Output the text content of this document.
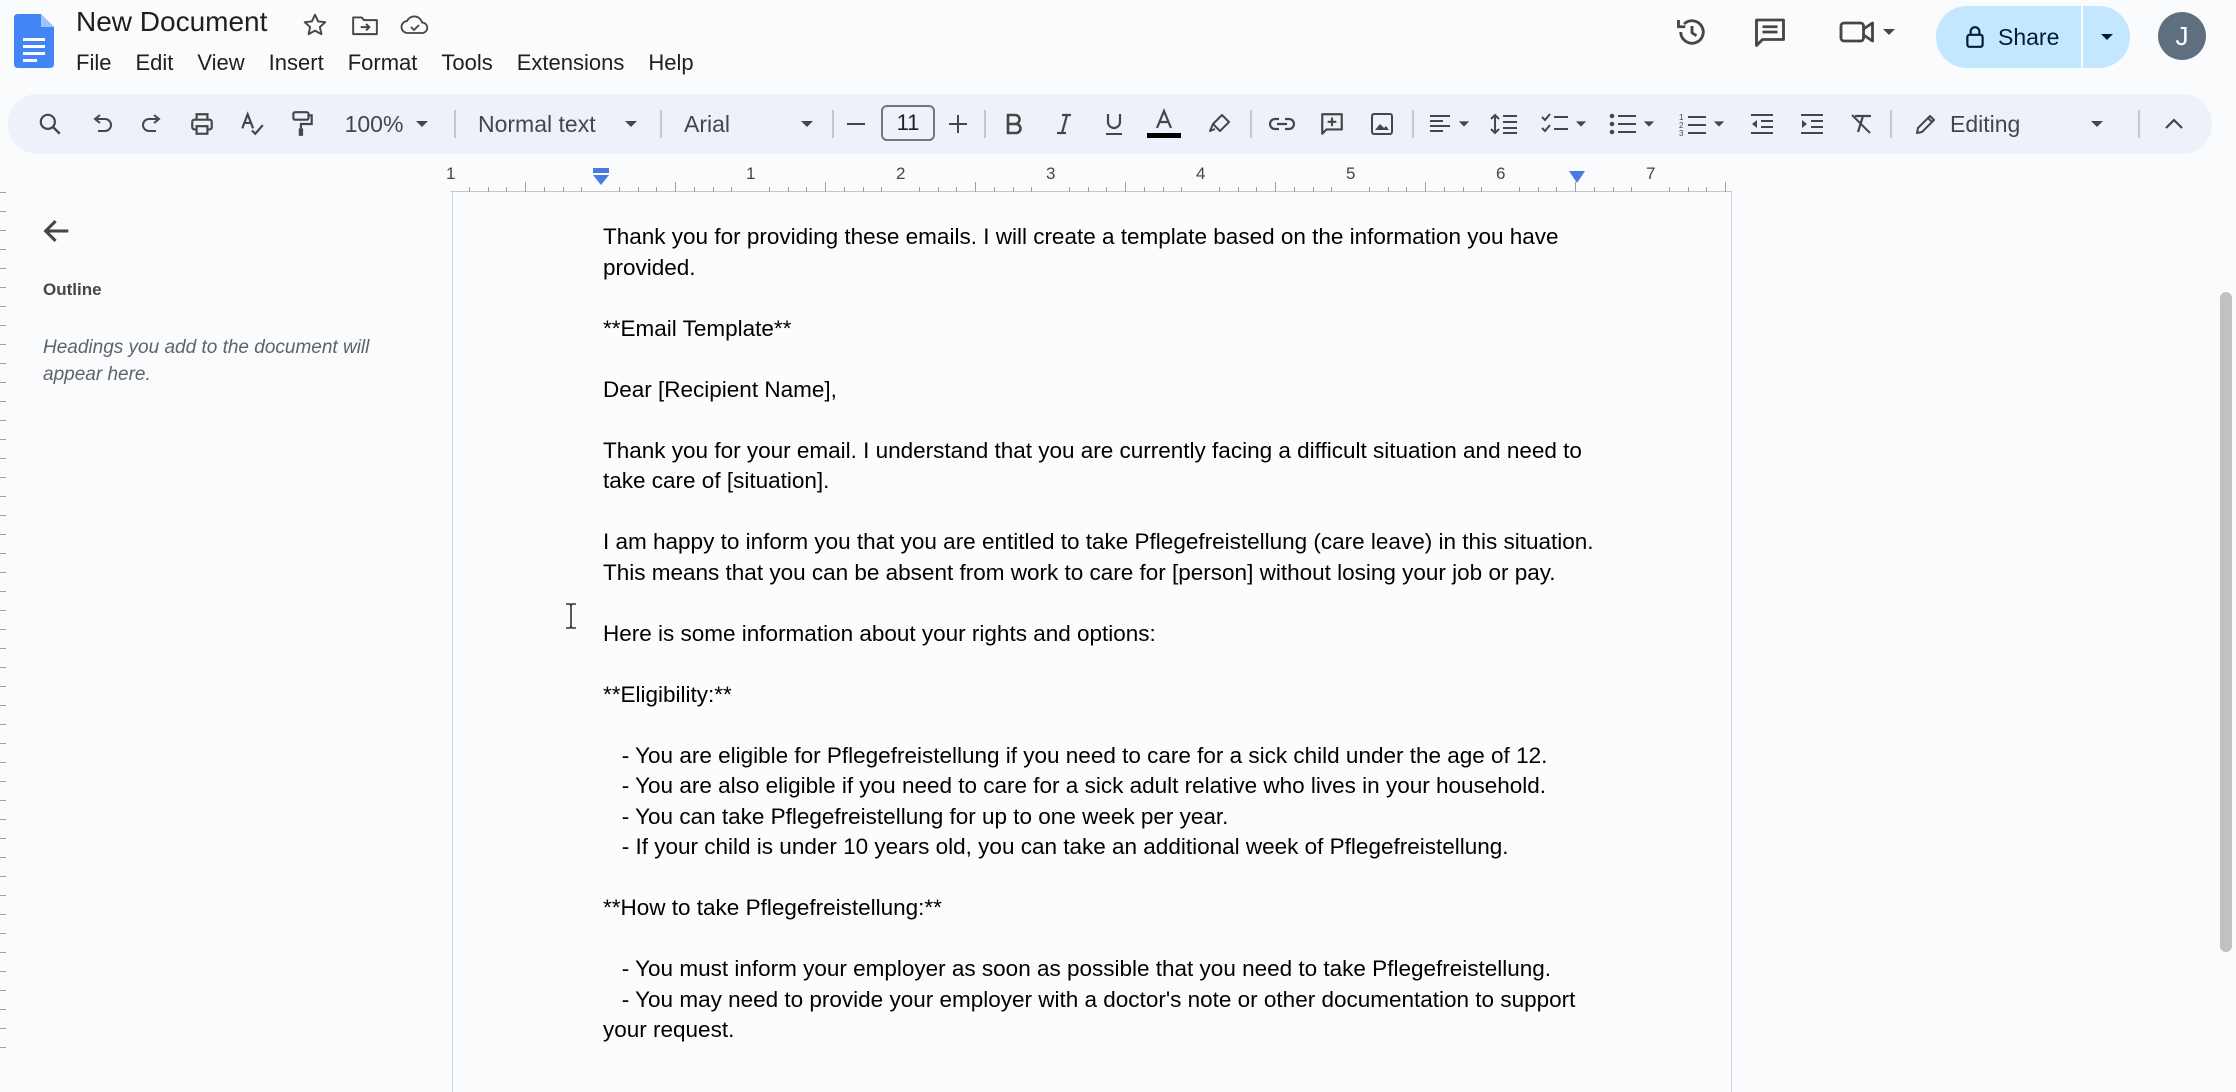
New Document
File	Edit	View	Insert	Format	Tools	Extensions	Help
Share	J
100%	Normal text	Arial	11	1
2
3	Editing
1	1	2	3	4	5	6	7
Outline
Headings you add to the document will appear here.
Thank you for providing these emails. I will create a template based on the information you have provided.
**Email Template**
Dear [Recipient Name],
Thank you for your email. I understand that you are currently facing a difficult situation and need to take care of [situation].
I am happy to inform you that you are entitled to take Pflegefreistellung (care leave) in this situation. This means that you can be absent from work to care for [person] without losing your job or pay.
Here is some information about your rights and options:
**Eligibility:**
- You are eligible for Pflegefreistellung if you need to care for a sick child under the age of 12.
- You are also eligible if you need to care for a sick adult relative who lives in your household.
- You can take Pflegefreistellung for up to one week per year.
- If your child is under 10 years old, you can take an additional week of Pflegefreistellung.
**How to take Pflegefreistellung:**
- You must inform your employer as soon as possible that you need to take Pflegefreistellung.
- You may need to provide your employer with a doctor's note or other documentation to support your request.
